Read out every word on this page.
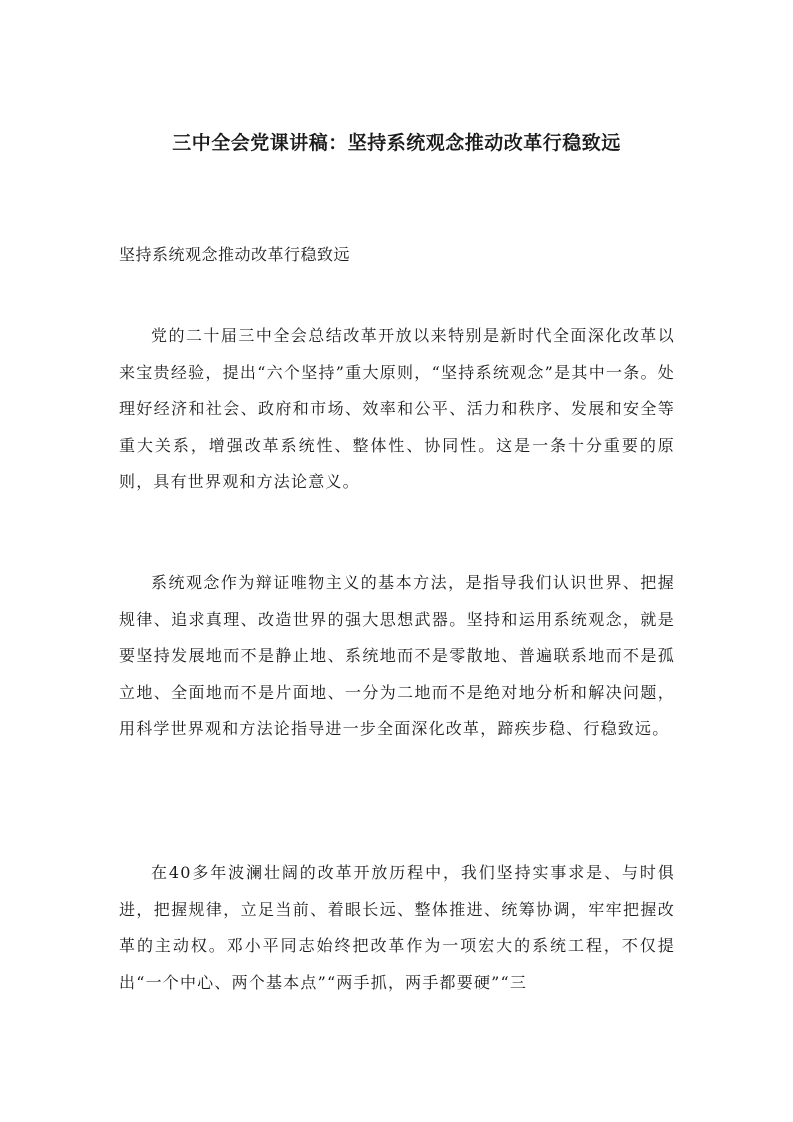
三中全会党课讲稿：坚持系统观念推动改革行稳致远
坚持系统观念推动改革行稳致远

党的二十届三中全会总结改革开放以来特别是新时代全面深化改革以来宝贵经验，提出“六个坚持”重大原则，“坚持系统观念”是其中一条。处理好经济和社会、政府和市场、效率和公平、活力和秩序、发展和安全等重大关系，增强改革系统性、整体性、协同性。这是一条十分重要的原则，具有世界观和方法论意义。

系统观念作为辩证唯物主义的基本方法，是指导我们认识世界、把握规律、追求真理、改造世界的强大思想武器。坚持和运用系统观念，就是要坚持发展地而不是静止地、系统地而不是零散地、普遍联系地而不是孤立地、全面地而不是片面地、一分为二地而不是绝对地分析和解决问题，用科学世界观和方法论指导进一步全面深化改革，蹄疾步稳、行稳致远。

在40多年波澜壮阔的改革开放历程中，我们坚持实事求是、与时俱进，把握规律，立足当前、着眼长远、整体推进、统筹协调，牢牢把握改革的主动权。邓小平同志始终把改革作为一项宏大的系统工程，不仅提出“一个中心、两个基本点”“两手抓，两手都要硬”“三
